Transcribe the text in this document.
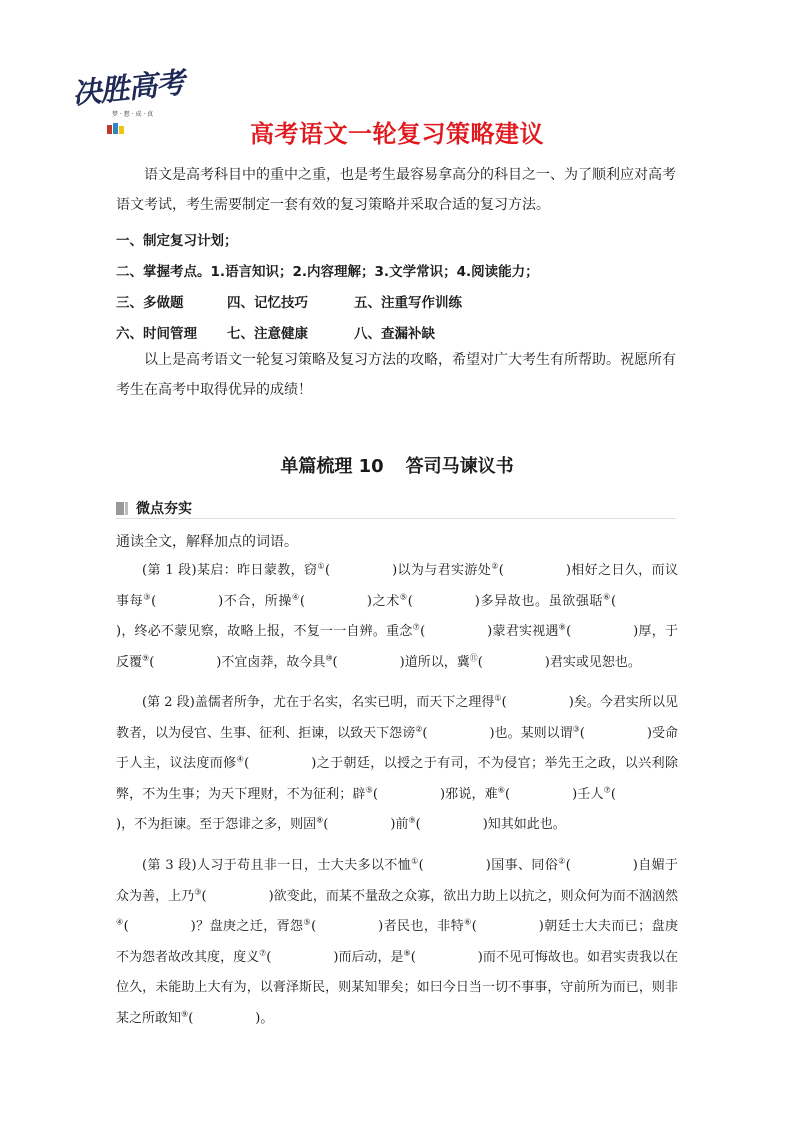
决胜高考
梦 · 想 · 成 · 真
高考语文一轮复习策略建议
语文是高考科目中的重中之重，也是考生最容易拿高分的科目之一、为了顺利应对高考语文考试，考生需要制定一套有效的复习策略并采取合适的复习方法。
一、制定复习计划；
二、掌握考点。1.语言知识；2.内容理解；3.文学常识；4.阅读能力；
三、多做题	四、记忆技巧	五、注重写作训练
六、时间管理 七、注意健康	八、查漏补缺
以上是高考语文一轮复习策略及复习方法的攻略，希望对广大考生有所帮助。祝愿所有考生在高考中取得优异的成绩！
单篇梳理 10 答司马谏议书
微点夯实
通读全文，解释加点的词语。
(第 1 段)某启：昨日蒙教，窃①(	)以为与君实游处②(	)相好之日久，而议事每③(	)不合，所操④(	)之术⑤(	)多异故也。虽欲强聒⑥()，终必不蒙见察，故略上报，不复一一自辨。重念⑦(	)蒙君实视遇⑧(	)厚，于反覆⑨(	)不宜卤莽，故今具⑩(	)道所以，冀⑪(	)君实或见恕也。
(第 2 段)盖儒者所争，尤在于名实，名实已明，而天下之理得①(	)矣。今君实所以见教者，以为侵官、生事、征利、拒谏，以致天下怨谤②(	)也。某则以谓③(	)受命于人主，议法度而修④(	)之于朝廷，以授之于有司，不为侵官；举先王之政，以兴利除弊，不为生事；为天下理财，不为征利；辟⑤(	)邪说，难⑥(	)壬人⑦()，不为拒谏。至于怨诽之多，则固⑧(	)前⑨(	)知其如此也。
(第 3 段)人习于苟且非一日，士大夫多以不恤①(	)国事、同俗②(	)自媚于众为善，上乃③(	)欲变此，而某不量敌之众寡，欲出力助上以抗之，则众何为而不汹汹然④(	)？盘庚之迁，胥怨⑤(	)者民也，非特⑥(	)朝廷士大夫而已；盘庚不为怨者故改其度，度义⑦(	)而后动，是⑧(	)而不见可悔故也。如君实责我以在位久，未能助上大有为，以膏泽斯民，则某知罪矣；如曰今日当一切不事事，守前所为而已，则非某之所敢知⑨(	)。
